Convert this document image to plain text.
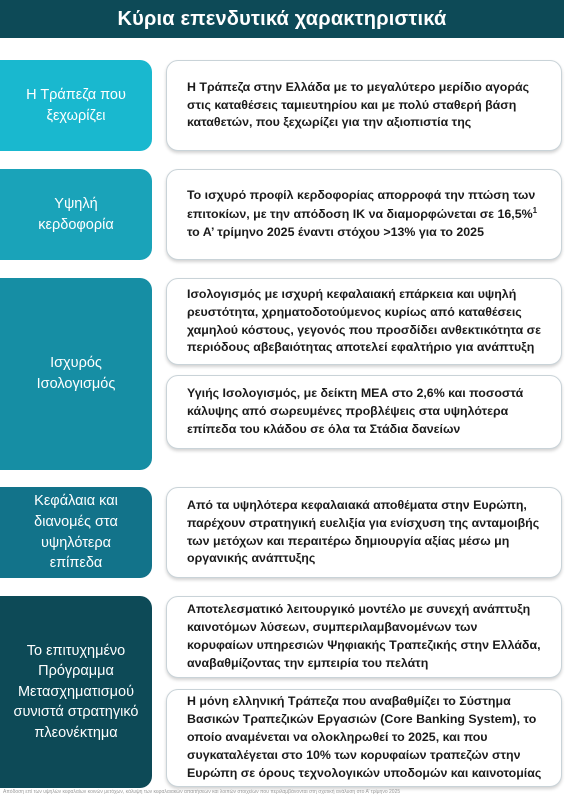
Κύρια επενδυτικά χαρακτηριστικά
Η Τράπεζα που ξεχωρίζει
Η Τράπεζα στην Ελλάδα με το μεγαλύτερο μερίδιο αγοράς στις καταθέσεις ταμιευτηρίου και με πολύ σταθερή βάση καταθετών, που ξεχωρίζει για την αξιοπιστία της
Υψηλή κερδοφορία
Το ισχυρό προφίλ κερδοφορίας απορροφά την πτώση των επιτοκίων, με την απόδοση ΙΚ να διαμορφώνεται σε 16,5%$^1$ το Α’ τρίμηνο 2025 έναντι στόχου >13% για το 2025
Ισχυρός Ισολογισμός
Ισολογισμός με ισχυρή κεφαλαιακή επάρκεια και υψηλή ρευστότητα, χρηματοδοτούμενος κυρίως από καταθέσεις χαμηλού κόστους, γεγονός που προσδίδει ανθεκτικότητα σε περιόδους αβεβαιότητας αποτελεί εφαλτήριο για ανάπτυξη
Υγιής Ισολογισμός, με δείκτη ΜΕΑ στο 2,6% και ποσοστά κάλυψης από σωρευμένες προβλέψεις στα υψηλότερα επίπεδα του κλάδου σε όλα τα Στάδια δανείων
Κεφάλαια και διανομές στα υψηλότερα επίπεδα
Από τα υψηλότερα κεφαλαιακά αποθέματα στην Ευρώπη, παρέχουν στρατηγική ευελιξία για ενίσχυση της ανταμοιβής των μετόχων και περαιτέρω δημιουργία αξίας μέσω μη οργανικής ανάπτυξης
Το επιτυχημένο Πρόγραμμα Μετασχηματισμού συνιστά στρατηγικό πλεονέκτημα
Αποτελεσματικό λειτουργικό μοντέλο με συνεχή ανάπτυξη καινοτόμων λύσεων, συμπεριλαμβανομένων των κορυφαίων υπηρεσιών Ψηφιακής Τραπεζικής στην Ελλάδα, αναβαθμίζοντας την εμπειρία του πελάτη
Η μόνη ελληνική Τράπεζα που αναβαθμίζει το Σύστημα Βασικών Τραπεζικών Εργασιών (Core Banking System), το οποίο αναμένεται να ολοκληρωθεί το 2025, και που συγκαταλέγεται στο 10% των κορυφαίων τραπεζών στην Ευρώπη σε όρους τεχνολογικών υποδομών και καινοτομίας
Απόδοση επί των υψηλών κεφαλαίων κοινών μετόχων, κάλυψη των κεφαλαιακών απαιτήσεων και λοιπών στοιχείων που περιλαμβάνονται στη σχετική ανάλυση στο Α’ τρίμηνο 2025
